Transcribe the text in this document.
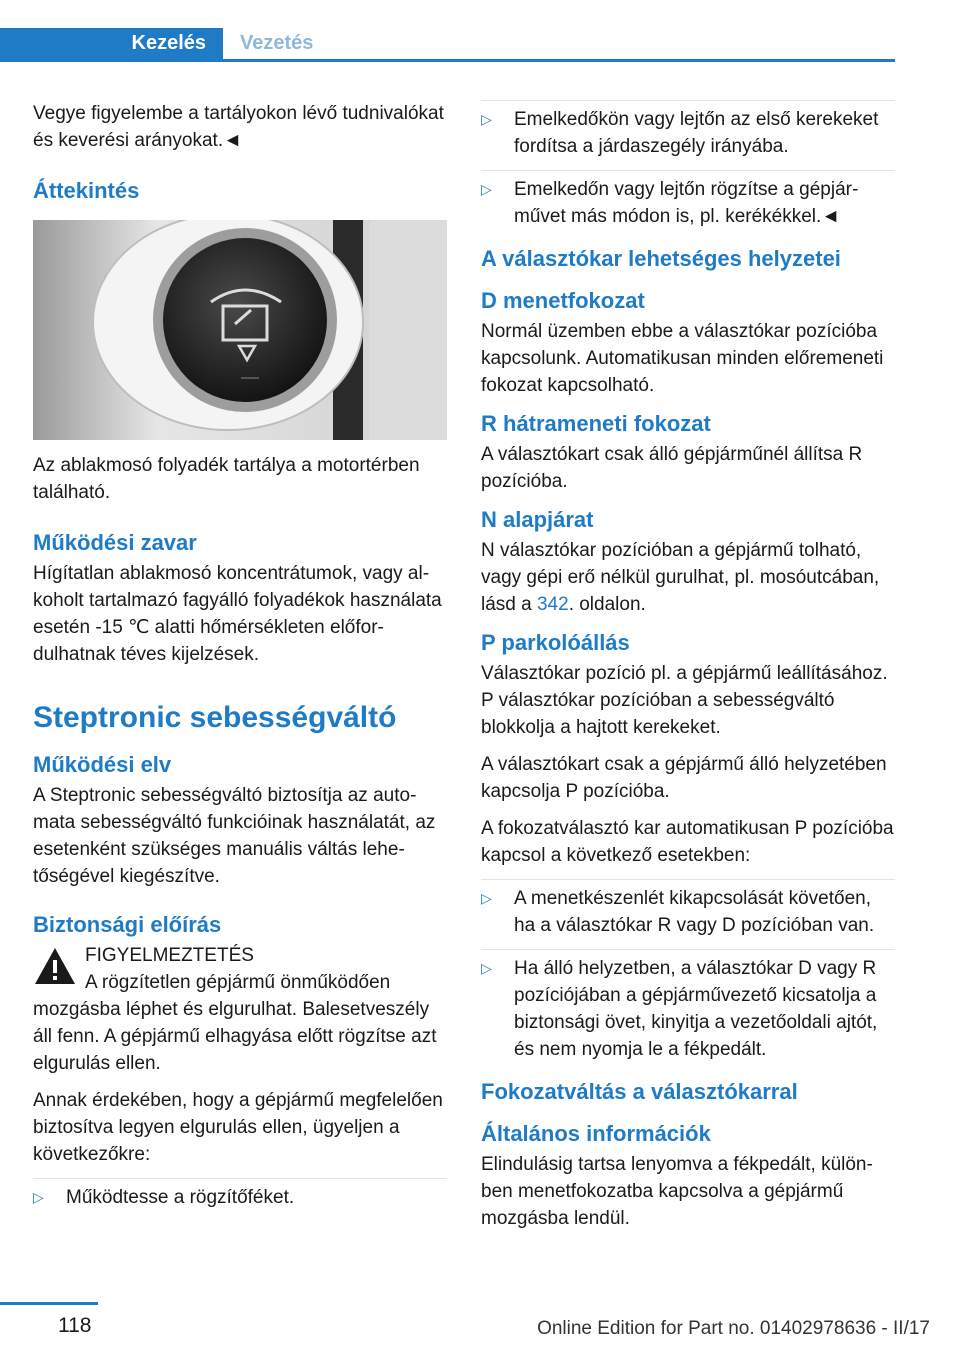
Kezelés	Vezetés

Vegye figyelembe a tartályokon lévő tudnivalókat és keverési arányokat.◄

Áttekintés

Az ablakmosó folyadék tartálya a motortérben található.

Működési zavar

Hígítatlan ablakmosó koncentrátumok, vagy alkoholt tartalmazó fagyálló folyadékok használata esetén -15 ℃ alatti hőmérsékleten előfordulhatnak téves kijelzések.

Steptronic sebességváltó
Működési elv

A Steptronic sebességváltó biztosítja az automata sebességváltó funkcióinak használatát, az esetenként szükséges manuális váltás lehetőségével kiegészítve.

Biztonsági előírás

FIGYELMEZTETÉS

A rögzítetlen gépjármű önműködően mozgásba léphet és elgurulhat. Balesetveszély áll fenn. A gépjármű elhagyása előtt rögzítse azt elgurulás ellen.

Annak érdekében, hogy a gépjármű megfelelően biztosítva legyen elgurulás ellen, ügyeljen a következőkre:

▷ Működtesse a rögzítőféket.
▷ Emelkedőkön vagy lejtőn az első kerekeket fordítsa a járdaszegély irányába.
▷ Emelkedőn vagy lejtőn rögzítse a gépjárművet más módon is, pl. kerékékkel.◄
A választókar lehetséges helyzetei
D menetfokozat

Normál üzemben ebbe a választókar pozícióba kapcsolunk. Automatikusan minden előremeneti fokozat kapcsolható.

R hátrameneti fokozat

A választókart csak álló gépjárműnél állítsa R pozícióba.

N alapjárat

N választókar pozícióban a gépjármű tolható, vagy gépi erő nélkül gurulhat, pl. mosóutcában, lásd a 342. oldalon.

P parkolóállás

Választókar pozíció pl. a gépjármű leállításához. P választókar pozícióban a sebességváltó blokkolja a hajtott kerekeket.

A választókart csak a gépjármű álló helyzetében kapcsolja P pozícióba.

A fokozatválasztó kar automatikusan P pozícióba kapcsol a következő esetekben:

▷ A menetkészenlét kikapcsolását követően, ha a választókar R vagy D pozícióban van.
▷ Ha álló helyzetben, a választókar D vagy R pozíciójában a gépjárművezető kicsatolja a biztonsági övet, kinyitja a vezetőoldali ajtót, és nem nyomja le a fékpedált.
Fokozatváltás a választókarral
Általános információk

Elindulásig tartsa lenyomva a fékpedált, különben menetfokozatba kapcsolva a gépjármű mozgásba lendül.

118	Online Edition for Part no. 01402978636 - II/17
